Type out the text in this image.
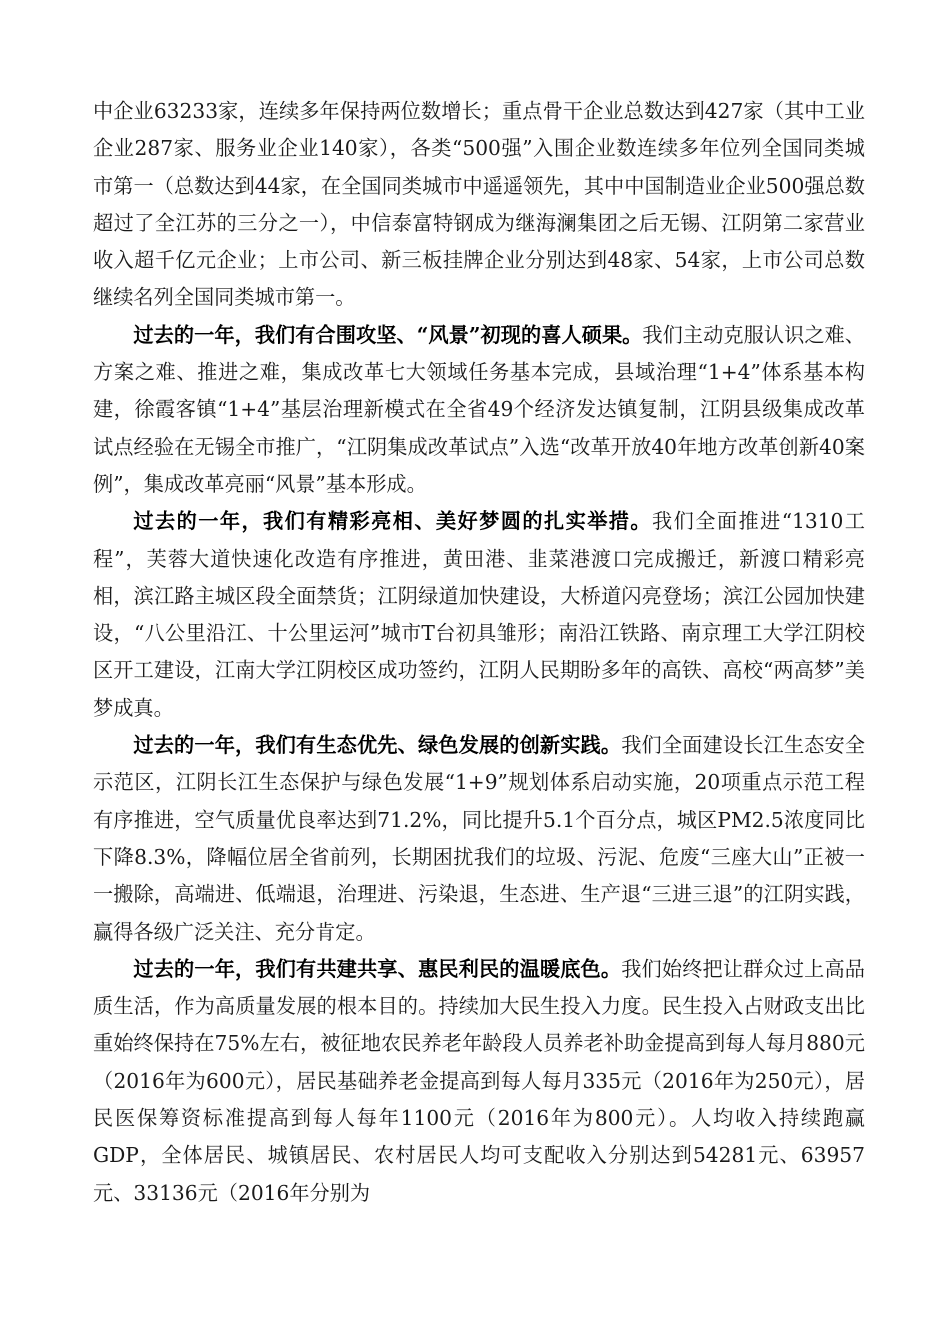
中企业63233家，连续多年保持两位数增长；重点骨干企业总数达到427家（其中工业企业287家、服务业企业140家），各类“500强”入围企业数连续多年位列全国同类城市第一（总数达到44家，在全国同类城市中遥遥领先，其中中国制造业企业500强总数超过了全江苏的三分之一），中信泰富特钢成为继海澜集团之后无锡、江阴第二家营业收入超千亿元企业；上市公司、新三板挂牌企业分别达到48家、54家，上市公司总数继续名列全国同类城市第一。

过去的一年，我们有合围攻坚、“风景”初现的喜人硕果。我们主动克服认识之难、方案之难、推进之难，集成改革七大领域任务基本完成，县域治理“1+4”体系基本构建，徐霞客镇“1+4”基层治理新模式在全省49个经济发达镇复制，江阴县级集成改革试点经验在无锡全市推广，“江阴集成改革试点”入选“改革开放40年地方改革创新40案例”，集成改革亮丽“风景”基本形成。

过去的一年，我们有精彩亮相、美好梦圆的扎实举措。我们全面推进“1310工程”，芙蓉大道快速化改造有序推进，黄田港、韭菜港渡口完成搬迁，新渡口精彩亮相，滨江路主城区段全面禁货；江阴绿道加快建设，大桥道闪亮登场；滨江公园加快建设，“八公里沿江、十公里运河”城市T台初具雏形；南沿江铁路、南京理工大学江阴校区开工建设，江南大学江阴校区成功签约，江阴人民期盼多年的高铁、高校“两高梦”美梦成真。

过去的一年，我们有生态优先、绿色发展的创新实践。我们全面建设长江生态安全示范区，江阴长江生态保护与绿色发展“1+9”规划体系启动实施，20项重点示范工程有序推进，空气质量优良率达到71.2%，同比提升5.1个百分点，城区PM2.5浓度同比下降8.3%，降幅位居全省前列，长期困扰我们的垃圾、污泥、危废“三座大山”正被一一搬除，高端进、低端退，治理进、污染退，生态进、生产退“三进三退”的江阴实践，赢得各级广泛关注、充分肯定。

过去的一年，我们有共建共享、惠民利民的温暖底色。我们始终把让群众过上高品质生活，作为高质量发展的根本目的。持续加大民生投入力度。民生投入占财政支出比重始终保持在75%左右，被征地农民养老年龄段人员养老补助金提高到每人每月880元（2016年为600元），居民基础养老金提高到每人每月335元（2016年为250元），居民医保筹资标准提高到每人每年1100元（2016年为800元）。人均收入持续跑赢GDP，全体居民、城镇居民、农村居民人均可支配收入分别达到54281元、63957元、33136元（2016年分别为
